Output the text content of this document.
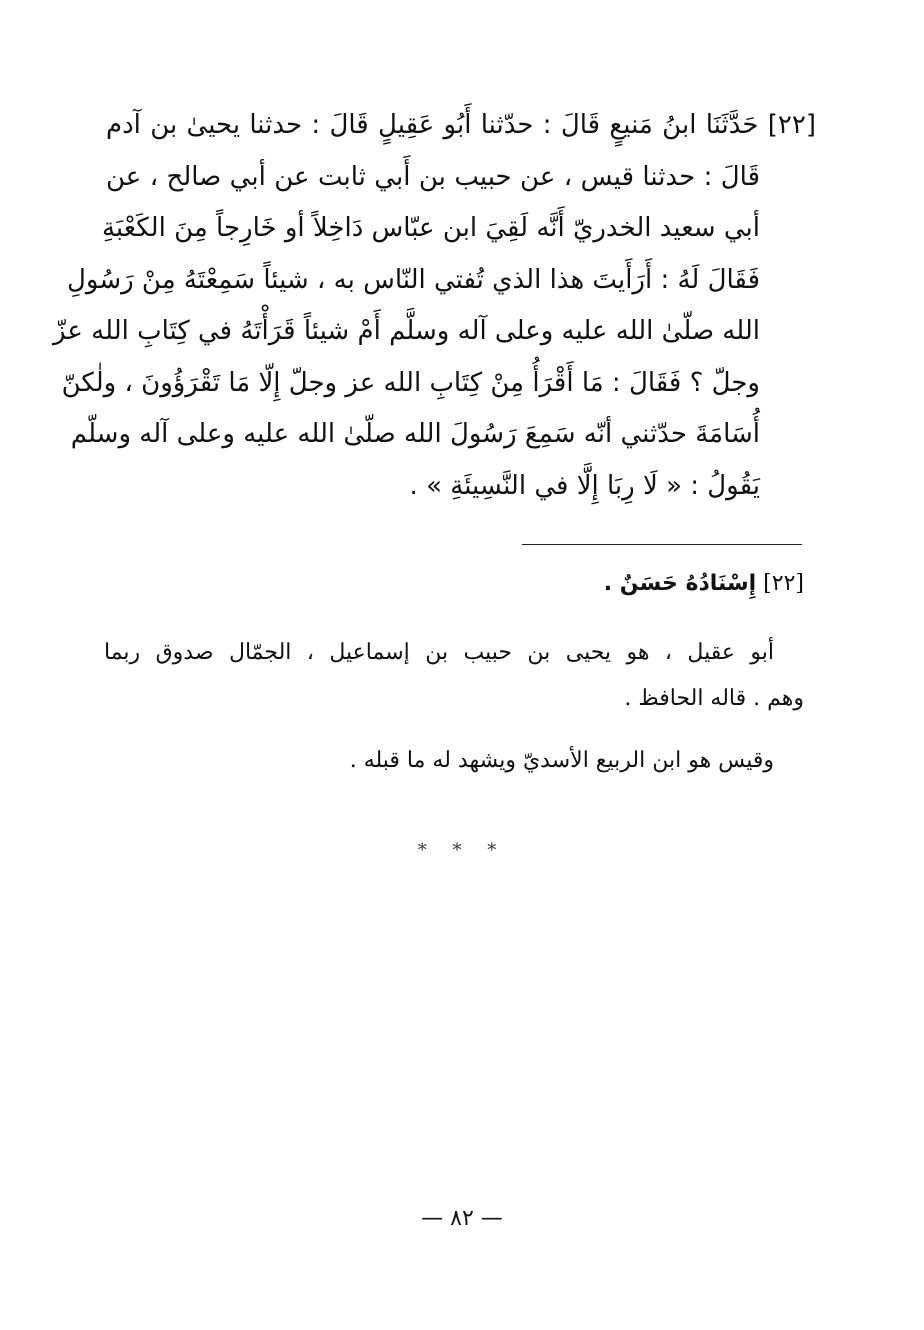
[٢٢] حَدَّثَنَا ابنُ مَنيعٍ قَالَ : حدّثنا أَبُو عَقِيلٍ قَالَ : حدثنا يحيىٰ بن آدم

قَالَ : حدثنا قيس ، عن حبيب بن أَبي ثابت عن أبي صالح ، عن

أبي سعيد الخدريّ أَنَّه لَقِيَ ابن عبّاس دَاخِلاً أو خَارِجاً مِنَ الكَعْبَةِ

فَقَالَ لَهُ : أَرَأَيتَ هذا الذي تُفتي النّاس به ، شيئاً سَمِعْتَهُ مِنْ رَسُولِ

الله صلّىٰ الله عليه وعلى آله وسلَّم أَمْ شيئاً قَرَأْتَهُ في كِتَابِ الله عزّ

وجلّ ؟ فَقَالَ : مَا أَقْرَأُ مِنْ كِتَابِ الله عز وجلّ إِلّا مَا تَقْرَؤُونَ ، ولٰكنّ

أُسَامَةَ حدّثني أنّه سَمِعَ رَسُولَ الله صلّىٰ الله عليه وعلى آله وسلّم

يَقُولُ : « لَا رِبَا إِلَّا في النَّسِيئَةِ » .

[٢٢] إِسْنَادُهُ حَسَنٌ .

أبو عقيل ، هو يحيى بن حبيب بن إسماعيل ، الجمّال صدوق ربما
وهم . قاله الحافظ .

وقيس هو ابن الربيع الأسديّ ويشهد له ما قبله .

* * *
— ٨٢ —
